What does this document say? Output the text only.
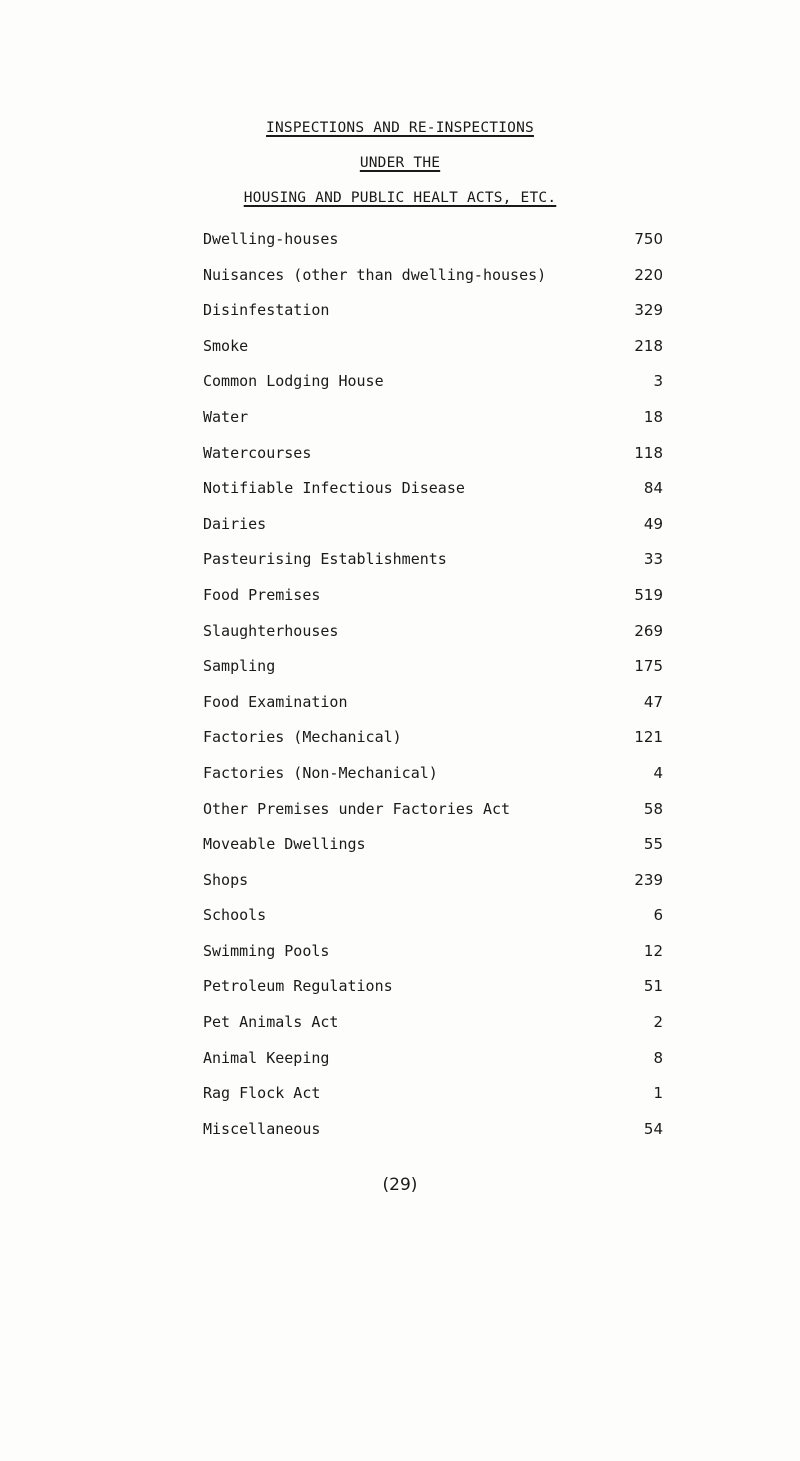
INSPECTIONS AND RE-INSPECTIONS
UNDER THE
HOUSING AND PUBLIC HEALT ACTS, ETC.
Dwelling-houses	750
Nuisances (other than dwelling-houses)	220
Disinfestation	329
Smoke	218
Common Lodging House	3
Water	18
Watercourses	118
Notifiable Infectious Disease	84
Dairies	49
Pasteurising Establishments	33
Food Premises	519
Slaughterhouses	269
Sampling	175
Food Examination	47
Factories (Mechanical)	121
Factories (Non-Mechanical)	4
Other Premises under Factories Act	58
Moveable Dwellings	55
Shops	239
Schools	6
Swimming Pools	12
Petroleum Regulations	51
Pet Animals Act	2
Animal Keeping	8
Rag Flock Act	1
Miscellaneous	54
(29)
